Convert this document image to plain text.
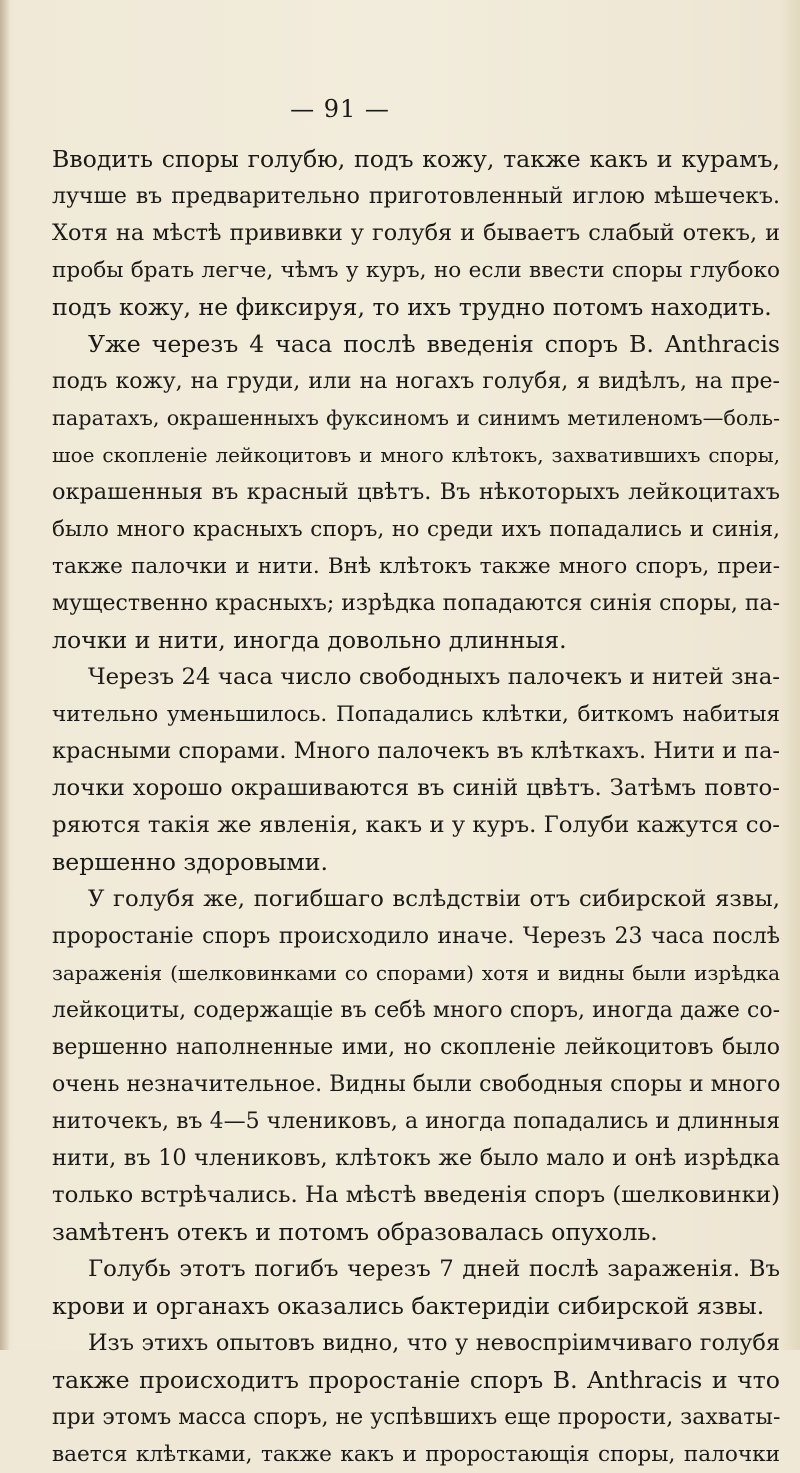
— 91 —
Вводить споры голубю, подъ кожу, также какъ и курамъ,
лучше въ предварительно приготовленный иглою мѣшечекъ.
Хотя на мѣстѣ прививки у голубя и бываетъ слабый отекъ, и
пробы брать легче, чѣмъ у куръ, но если ввести споры глубоко
подъ кожу, не фиксируя, то ихъ трудно потомъ находить.
Уже черезъ 4 часа послѣ введенія споръ В. Anthracis
подъ кожу, на груди, или на ногахъ голубя, я видѣлъ, на пре-
паратахъ, окрашенныхъ фуксиномъ и синимъ метиленомъ—боль-
шое скопленіе лейкоцитовъ и много клѣтокъ, захватившихъ споры,
окрашенныя въ красный цвѣтъ. Въ нѣкоторыхъ лейкоцитахъ
было много красныхъ споръ, но среди ихъ попадались и синія,
также палочки и нити. Внѣ клѣтокъ также много споръ, преи-
мущественно красныхъ; изрѣдка попадаются синія споры, па-
лочки и нити, иногда довольно длинныя.
Черезъ 24 часа число свободныхъ палочекъ и нитей зна-
чительно уменьшилось. Попадались клѣтки, биткомъ набитыя
красными спорами. Много палочекъ въ клѣткахъ. Нити и па-
лочки хорошо окрашиваются въ синій цвѣтъ. Затѣмъ повто-
ряются такія же явленія, какъ и у куръ. Голуби кажутся со-
вершенно здоровыми.
У голубя же, погибшаго вслѣдствіи отъ сибирской язвы,
проростаніе споръ происходило иначе. Черезъ 23 часа послѣ
зараженія (шелковинками со спорами) хотя и видны были изрѣдка
лейкоциты, содержащіе въ себѣ много споръ, иногда даже со-
вершенно наполненные ими, но скопленіе лейкоцитовъ было
очень незначительное. Видны были свободныя споры и много
ниточекъ, въ 4—5 члениковъ, а иногда попадались и длинныя
нити, въ 10 члениковъ, клѣтокъ же было мало и онѣ изрѣдка
только встрѣчались. На мѣстѣ введенія споръ (шелковинки)
замѣтенъ отекъ и потомъ образовалась опухоль.
Голубь этотъ погибъ черезъ 7 дней послѣ зараженія. Въ
крови и органахъ оказались бактеридіи сибирской язвы.
Изъ этихъ опытовъ видно, что у невоспріимчиваго голубя
также происходитъ проростаніе споръ В. Anthracis и что
при этомъ масса споръ, не успѣвшихъ еще прорости, захваты-
вается клѣтками, также какъ и проростающія споры, палочки
